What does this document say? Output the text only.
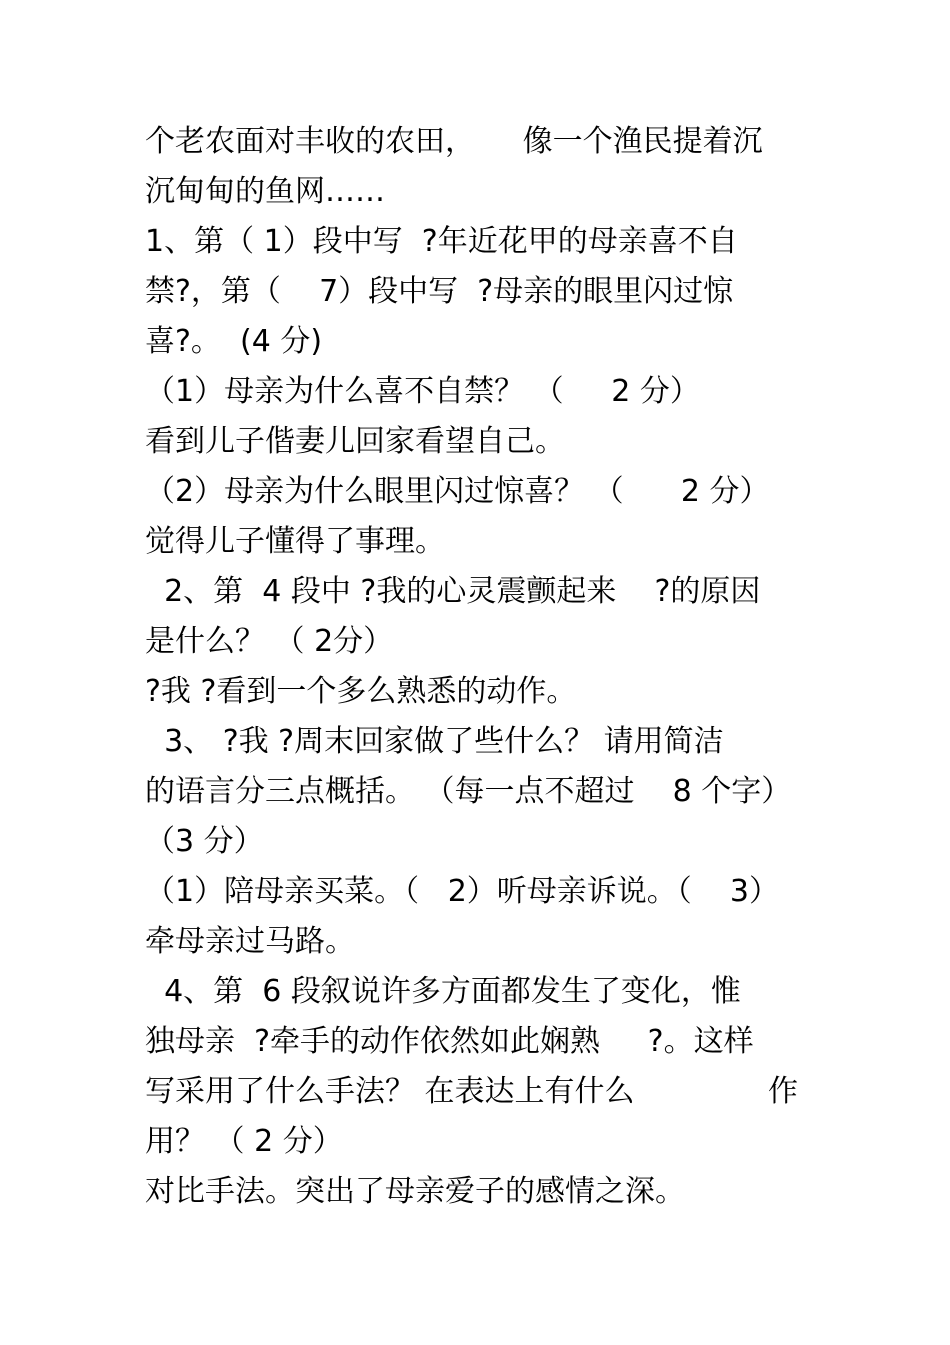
个老农面对丰收的农田，     像一个渔民提着沉
沉甸甸的鱼网……
1、第（ 1）段中写  ?年近花甲的母亲喜不自
禁?，第（    7）段中写  ?母亲的眼里闪过惊
喜?。  (4 分)
（1）母亲为什么喜不自禁？ （     2 分）
看到儿子偕妻儿回家看望自己。
（2）母亲为什么眼里闪过惊喜？ （      2 分）
觉得儿子懂得了事理。
2、第  4 段中 ?我的心灵震颤起来    ?的原因
是什么？ （ 2分）
?我 ?看到一个多么熟悉的动作。
3、 ?我 ?周末回家做了些什么？ 请用简洁
的语言分三点概括。 （每一点不超过    8 个字）
（3 分）
（1）陪母亲买菜。（   2）听母亲诉说。（    3）
牵母亲过马路。
4、第  6 段叙说许多方面都发生了变化，惟
独母亲  ?牵手的动作依然如此娴熟     ?。这样
写采用了什么手法？ 在表达上有什么              作
用？ （ 2 分）
对比手法。突出了母亲爱子的感情之深。
